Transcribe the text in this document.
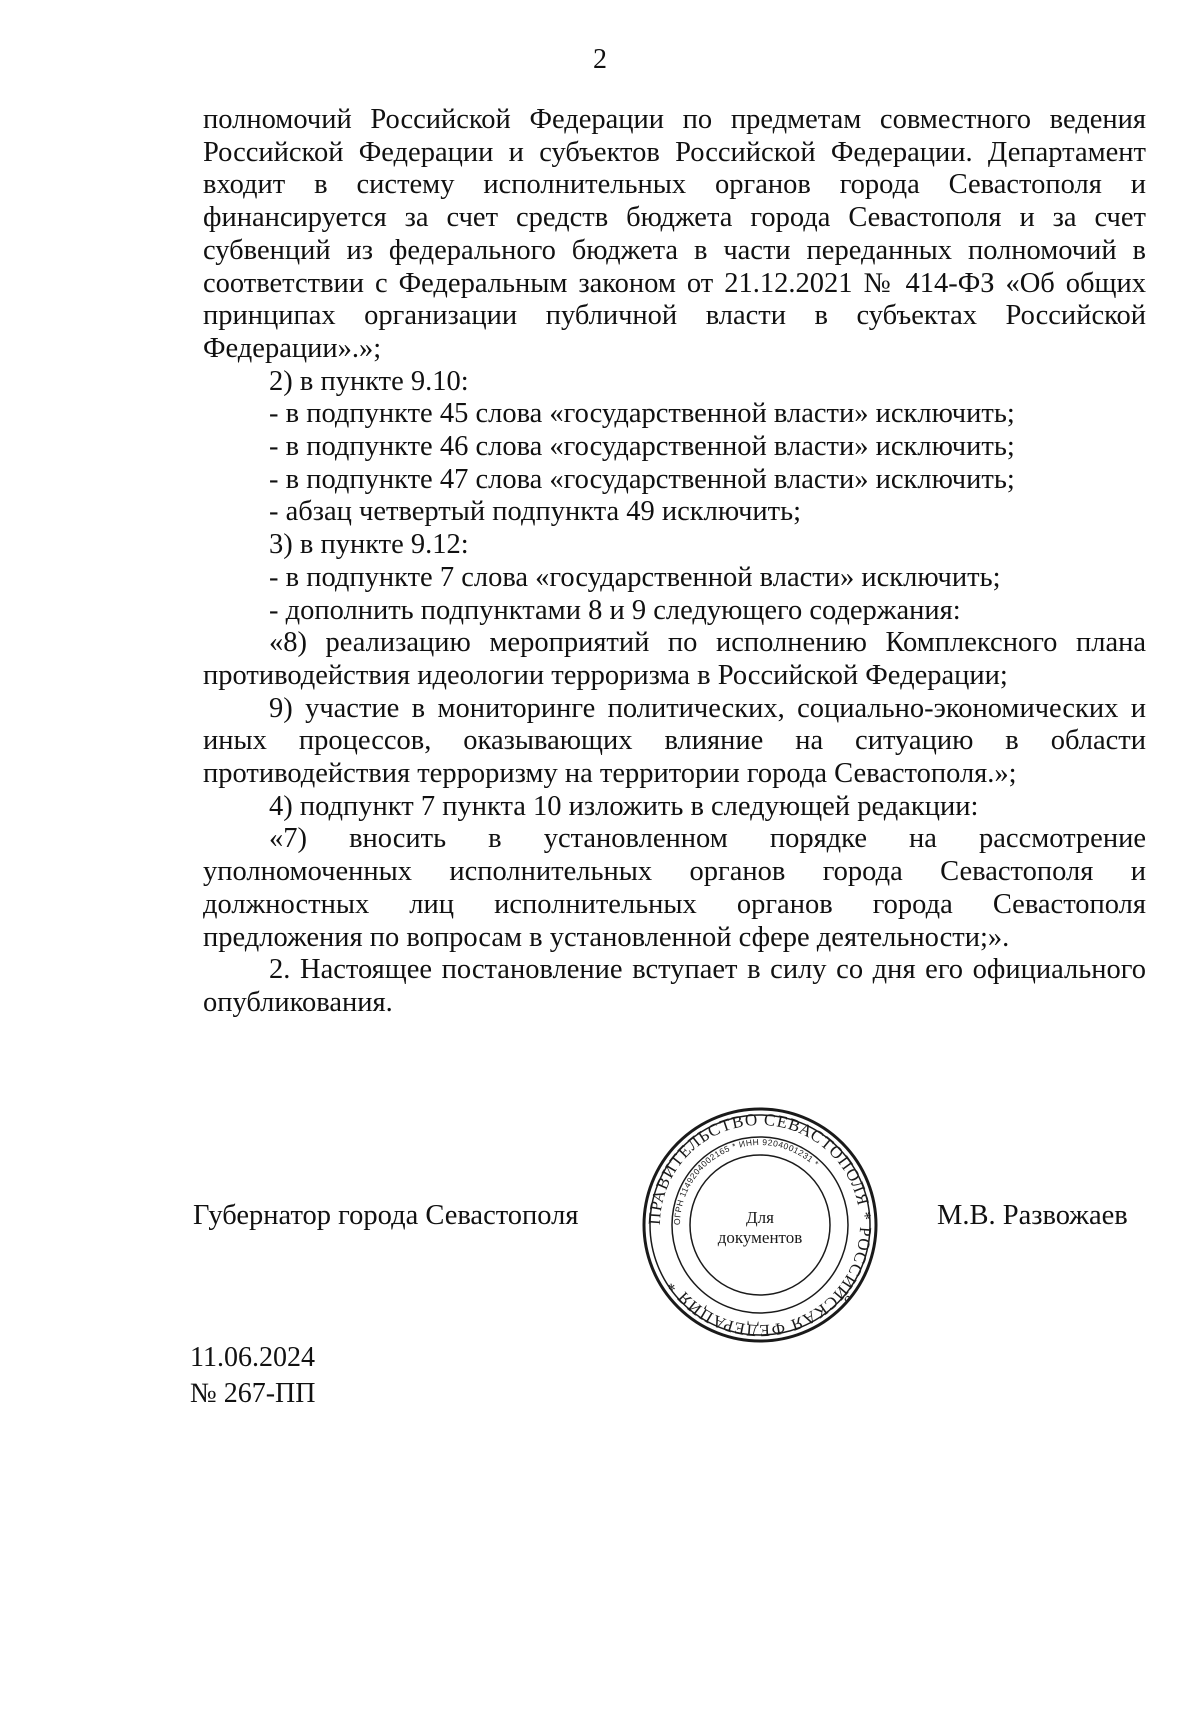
2

полномочий Российской Федерации по предметам совместного ведения Российской Федерации и субъектов Российской Федерации. Департамент входит в систему исполнительных органов города Севастополя и финансируется за счет средств бюджета города Севастополя и за счет субвенций из федерального бюджета в части переданных полномочий в соответствии с Федеральным законом от 21.12.2021 № 414-ФЗ «Об общих принципах организации публичной власти в субъектах Российской Федерации».»;

2) в пункте 9.10:

- в подпункте 45 слова «государственной власти» исключить;

- в подпункте 46 слова «государственной власти» исключить;

- в подпункте 47 слова «государственной власти» исключить;

- абзац четвертый подпункта 49 исключить;

3) в пункте 9.12:

- в подпункте 7 слова «государственной власти» исключить;

- дополнить подпунктами 8 и 9 следующего содержания:

«8) реализацию мероприятий по исполнению Комплексного плана противодействия идеологии терроризма в Российской Федерации;

9) участие в мониторинге политических, социально-экономических и иных процессов, оказывающих влияние на ситуацию в области противодействия терроризму на территории города Севастополя.»;

4) подпункт 7 пункта 10 изложить в следующей редакции:

«7) вносить в установленном порядке на рассмотрение уполномоченных исполнительных органов города Севастополя и должностных лиц исполнительных органов города Севастополя предложения по вопросам в установленной сфере деятельности;».

2. Настоящее постановление вступает в силу со дня его официального опубликования.

Губернатор города Севастополя	М.В. Развожаев
ПРАВИТЕЛЬСТВО СЕВАСТОПОЛЯ * РОССИЙСКАЯ ФЕДЕРАЦИЯ *
ОГРН 1149204002165 * ИНН 9204001231 *
Для
документов
11.06.2024
№ 267-ПП
